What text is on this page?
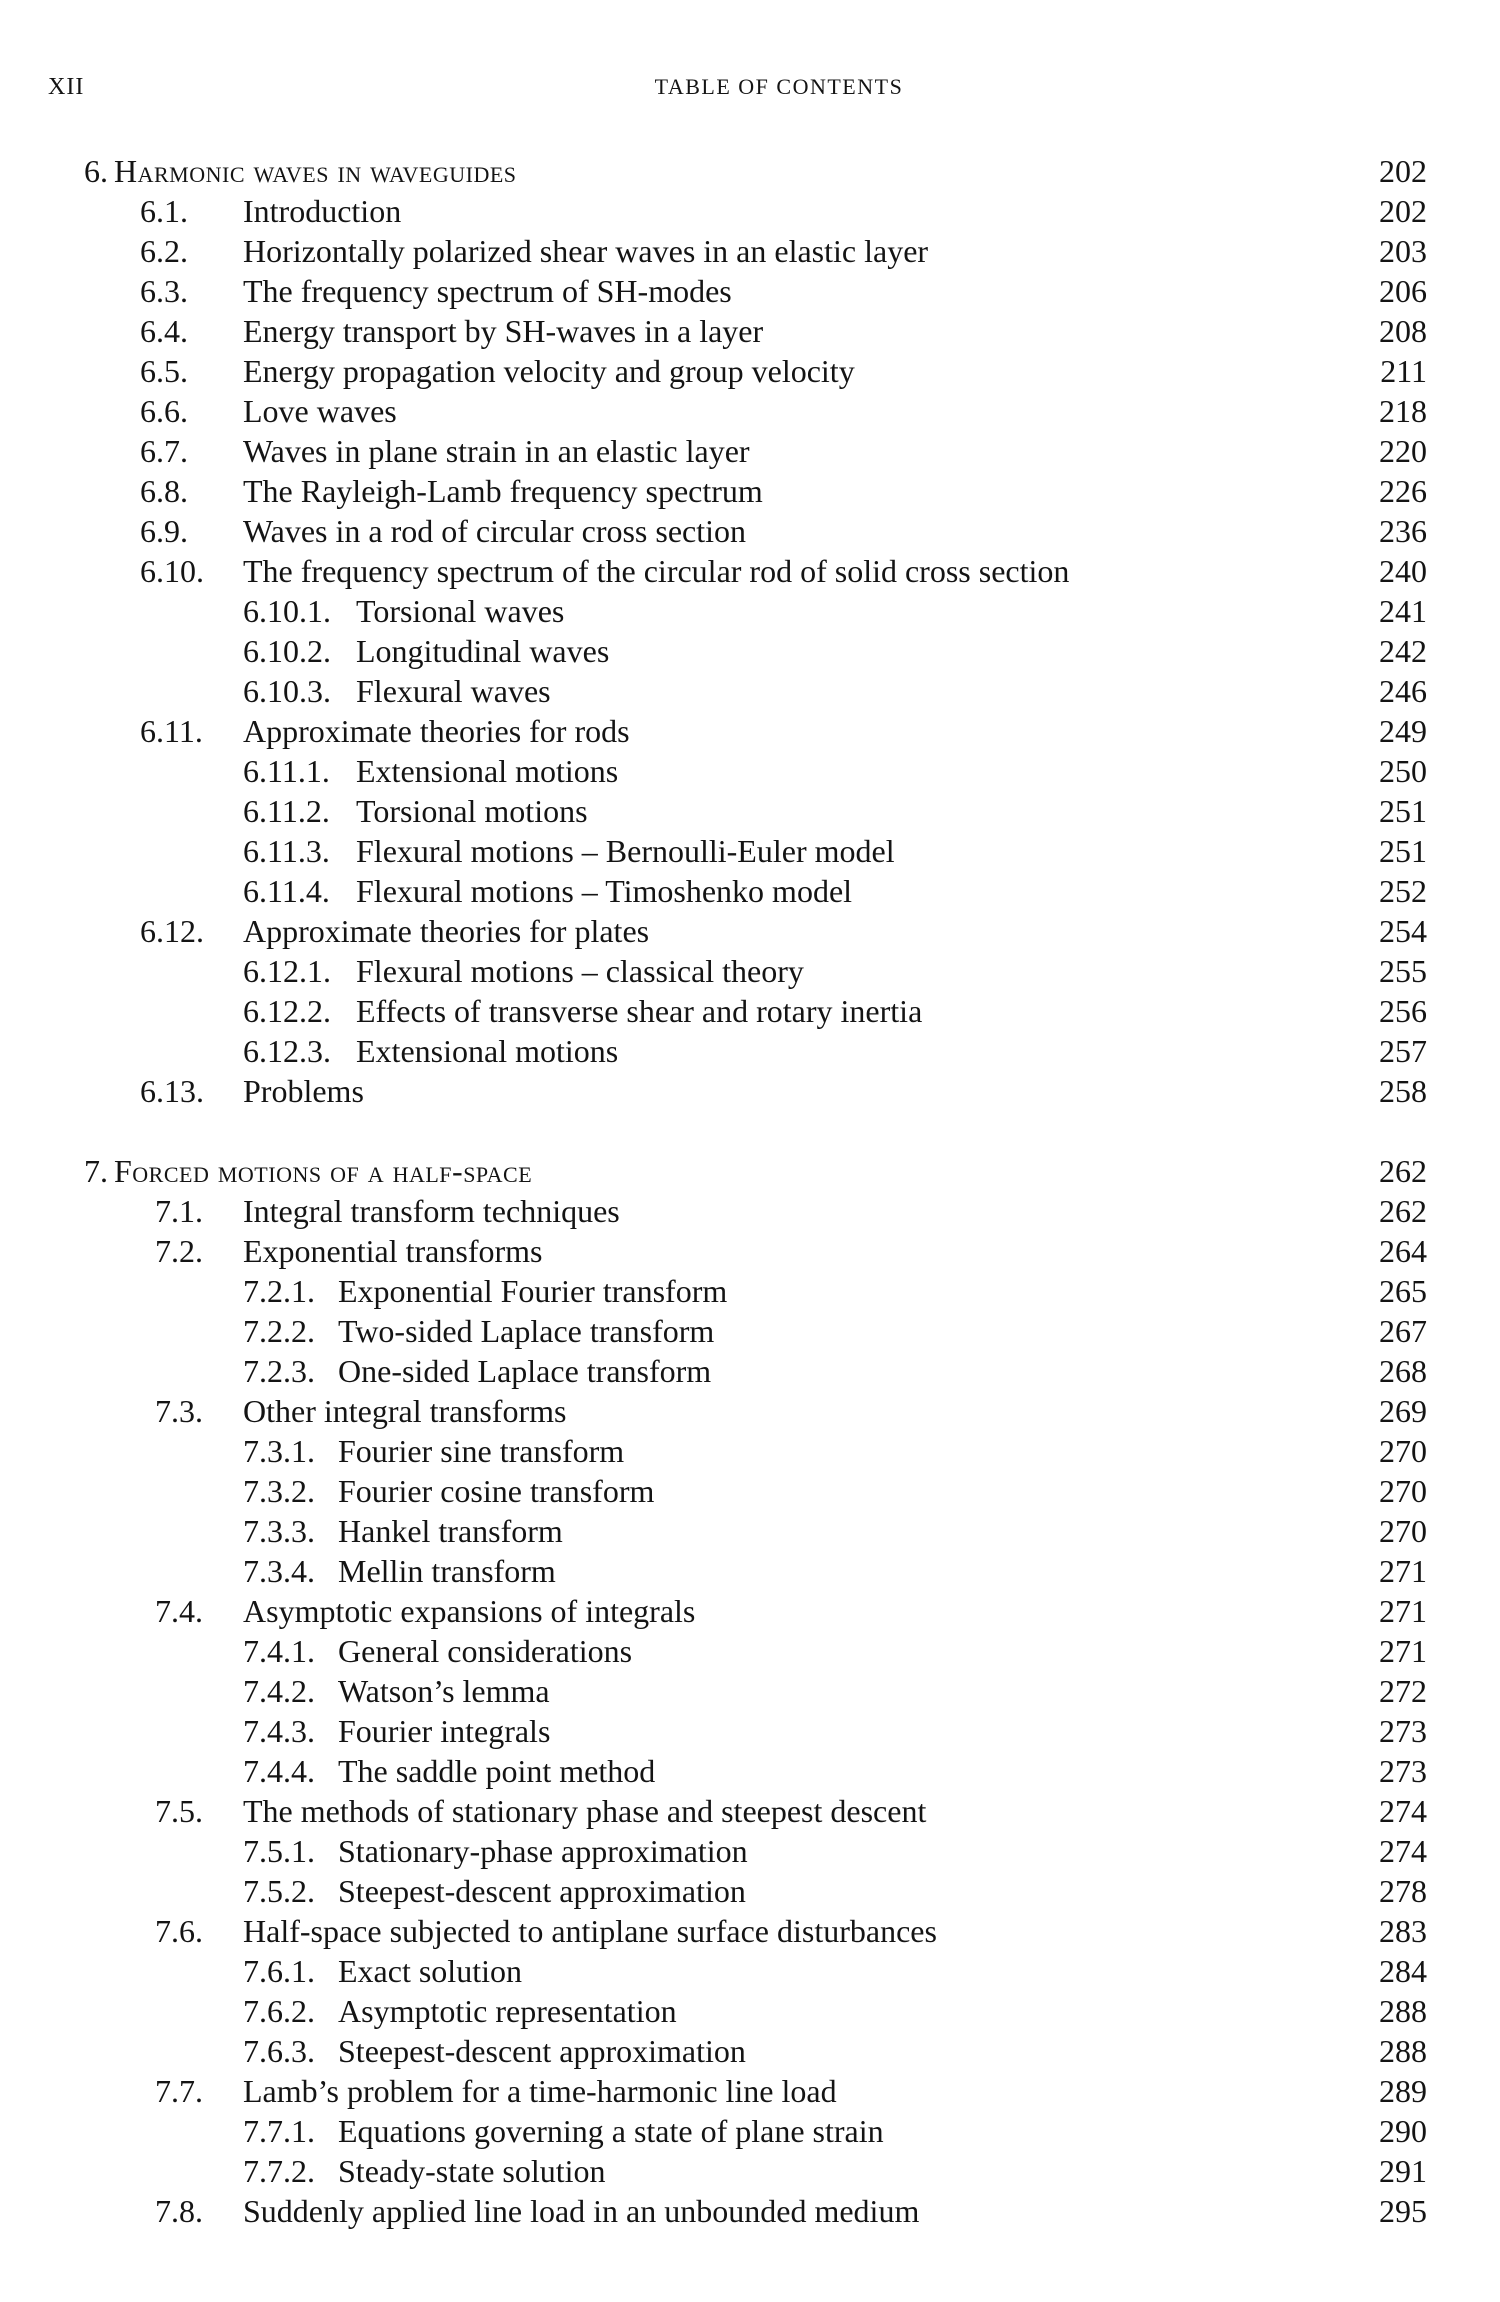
XII	TABLE OF CONTENTS
6. Harmonic waves in waveguides	202
6.1. Introduction	202
6.2. Horizontally polarized shear waves in an elastic layer	203
6.3. The frequency spectrum of SH-modes	206
6.4. Energy transport by SH-waves in a layer	208
6.5. Energy propagation velocity and group velocity	211
6.6. Love waves	218
6.7. Waves in plane strain in an elastic layer	220
6.8. The Rayleigh-Lamb frequency spectrum	226
6.9. Waves in a rod of circular cross section	236
6.10. The frequency spectrum of the circular rod of solid cross section	240
6.10.1. Torsional waves	241
6.10.2. Longitudinal waves	242
6.10.3. Flexural waves	246
6.11. Approximate theories for rods	249
6.11.1. Extensional motions	250
6.11.2. Torsional motions	251
6.11.3. Flexural motions – Bernoulli-Euler model	251
6.11.4. Flexural motions – Timoshenko model	252
6.12. Approximate theories for plates	254
6.12.1. Flexural motions – classical theory	255
6.12.2. Effects of transverse shear and rotary inertia	256
6.12.3. Extensional motions	257
6.13. Problems	258
7. Forced motions of a half-space	262
7.1. Integral transform techniques	262
7.2. Exponential transforms	264
7.2.1. Exponential Fourier transform	265
7.2.2. Two-sided Laplace transform	267
7.2.3. One-sided Laplace transform	268
7.3. Other integral transforms	269
7.3.1. Fourier sine transform	270
7.3.2. Fourier cosine transform	270
7.3.3. Hankel transform	270
7.3.4. Mellin transform	271
7.4. Asymptotic expansions of integrals	271
7.4.1. General considerations	271
7.4.2. Watson’s lemma	272
7.4.3. Fourier integrals	273
7.4.4. The saddle point method	273
7.5. The methods of stationary phase and steepest descent	274
7.5.1. Stationary-phase approximation	274
7.5.2. Steepest-descent approximation	278
7.6. Half-space subjected to antiplane surface disturbances	283
7.6.1. Exact solution	284
7.6.2. Asymptotic representation	288
7.6.3. Steepest-descent approximation	288
7.7. Lamb’s problem for a time-harmonic line load	289
7.7.1. Equations governing a state of plane strain	290
7.7.2. Steady-state solution	291
7.8. Suddenly applied line load in an unbounded medium	295
